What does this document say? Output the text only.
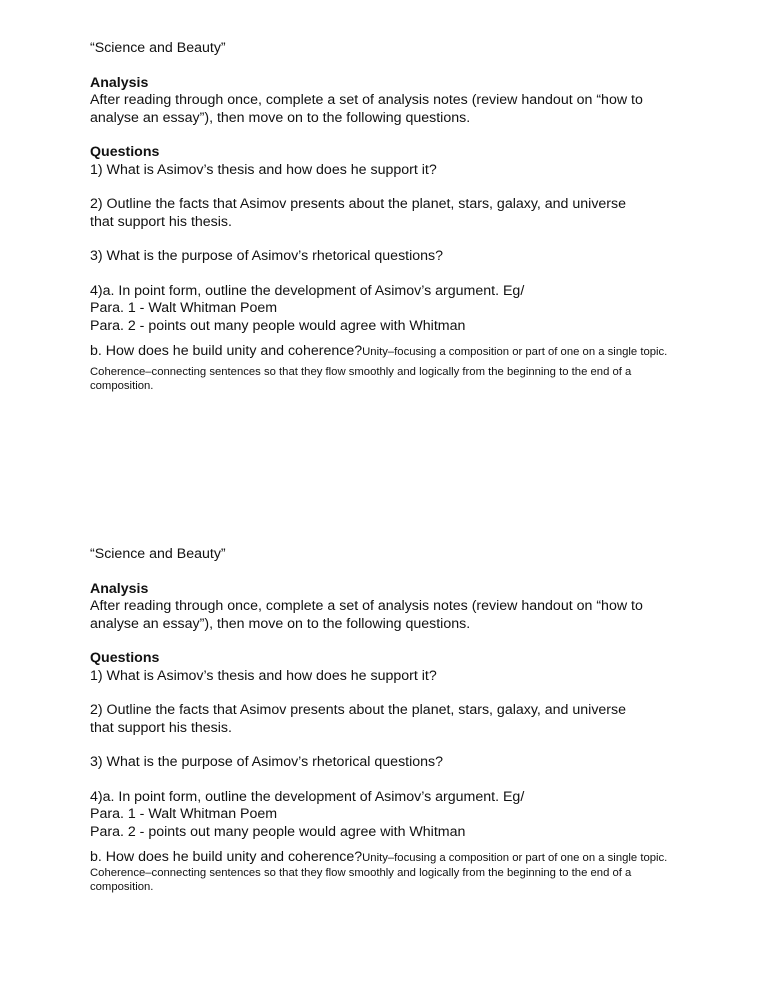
“Science and Beauty”
Analysis
After reading through once, complete a set of analysis notes (review handout on “how to
analyse an essay”), then move on to the following questions.
Questions
1) What is Asimov’s thesis and how does he support it?
2) Outline the facts that Asimov presents about the planet, stars, galaxy, and universe
that support his thesis.
3) What is the purpose of Asimov’s rhetorical questions?
4)a. In point form, outline the development of Asimov’s argument. Eg/
Para. 1 - Walt Whitman Poem
Para. 2 - points out many people would agree with Whitman
b. How does he build unity and coherence?Unity–focusing a composition or part of one on a single topic.
Coherence–connecting sentences so that they flow smoothly and logically from the beginning to the end of a composition.
“Science and Beauty”
Analysis
After reading through once, complete a set of analysis notes (review handout on “how to
analyse an essay”), then move on to the following questions.
Questions
1) What is Asimov’s thesis and how does he support it?
2) Outline the facts that Asimov presents about the planet, stars, galaxy, and universe
that support his thesis.
3) What is the purpose of Asimov’s rhetorical questions?
4)a. In point form, outline the development of Asimov’s argument. Eg/
Para. 1 - Walt Whitman Poem
Para. 2 - points out many people would agree with Whitman
b. How does he build unity and coherence?Unity–focusing a composition or part of one on a single topic.
Coherence–connecting sentences so that they flow smoothly and logically from the beginning to the end of a composition.
